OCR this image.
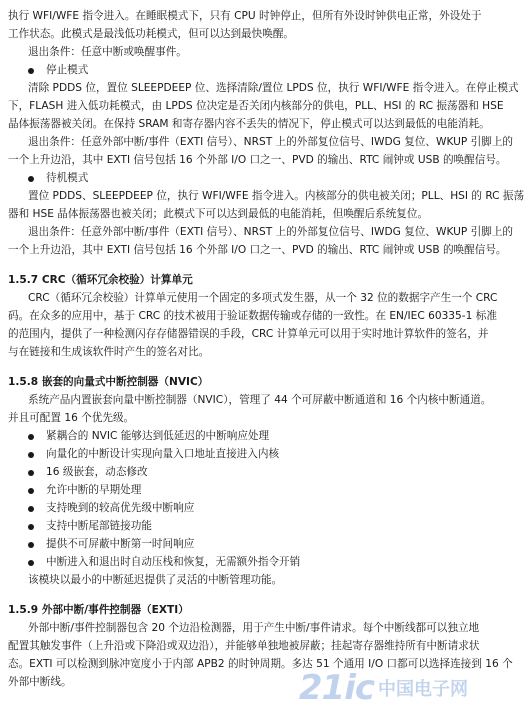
执行 WFI/WFE 指令进入。在睡眠模式下，只有 CPU 时钟停止，但所有外设时钟供电正常，外设处于
工作状态。此模式是最浅低功耗模式，但可以达到最快唤醒。
退出条件：任意中断或唤醒事件。
停止模式
清除 PDDS 位，置位 SLEEPDEEP 位、选择清除/置位 LPDS 位，执行 WFI/WFE 指令进入。在停止模式
下，FLASH 进入低功耗模式，由 LPDS 位决定是否关闭内核部分的供电，PLL、HSI 的 RC 振荡器和 HSE
晶体振荡器被关闭。在保持 SRAM 和寄存器内容不丢失的情况下，停止模式可以达到最低的电能消耗。
退出条件：任意外部中断/事件（EXTI 信号）、NRST 上的外部复位信号、IWDG 复位、WKUP 引脚上的
一个上升边沿，其中 EXTI 信号包括 16 个外部 I/O 口之一、PVD 的输出、RTC 闹钟或 USB 的唤醒信号。
待机模式
置位 PDDS、SLEEPDEEP 位，执行 WFI/WFE 指令进入。内核部分的供电被关闭；PLL、HSI 的 RC 振荡
器和 HSE 晶体振荡器也被关闭；此模式下可以达到最低的电能消耗，但唤醒后系统复位。
退出条件：任意外部中断/事件（EXTI 信号）、NRST 上的外部复位信号、IWDG 复位、WKUP 引脚上的
一个上升边沿，其中 EXTI 信号包括 16 个外部 I/O 口之一、PVD 的输出、RTC 闹钟或 USB 的唤醒信号。
1.5.7 CRC（循环冗余校验）计算单元
CRC（循环冗余校验）计算单元使用一个固定的多项式发生器，从一个 32 位的数据字产生一个 CRC
码。在众多的应用中，基于 CRC 的技术被用于验证数据传输或存储的一致性。在 EN/IEC 60335-1 标准
的范围内，提供了一种检测闪存存储器错误的手段，CRC 计算单元可以用于实时地计算软件的签名，并
与在链接和生成该软件时产生的签名对比。
1.5.8 嵌套的向量式中断控制器（NVIC）
系统产品内置嵌套向量中断控制器（NVIC），管理了 44 个可屏蔽中断通道和 16 个内核中断通道。
并且可配置 16 个优先级。
紧耦合的 NVIC 能够达到低延迟的中断响应处理
向量化的中断设计实现向量入口地址直接进入内核
16 级嵌套，动态修改
允许中断的早期处理
支持晚到的较高优先级中断响应
支持中断尾部链接功能
提供不可屏蔽中断第一时间响应
中断进入和退出时自动压栈和恢复，无需额外指令开销
该模块以最小的中断延迟提供了灵活的中断管理功能。
1.5.9 外部中断/事件控制器（EXTI）
外部中断/事件控制器包含 20 个边沿检测器，用于产生中断/事件请求。每个中断线都可以独立地
配置其触发事件（上升沿或下降沿或双边沿），并能够单独地被屏蔽；挂起寄存器维持所有中断请求状
态。EXTI 可以检测到脉冲宽度小于内部 APB2 的时钟周期。多达 51 个通用 I/O 口都可以选择连接到 16 个
外部中断线。	21ic 中国电子网
